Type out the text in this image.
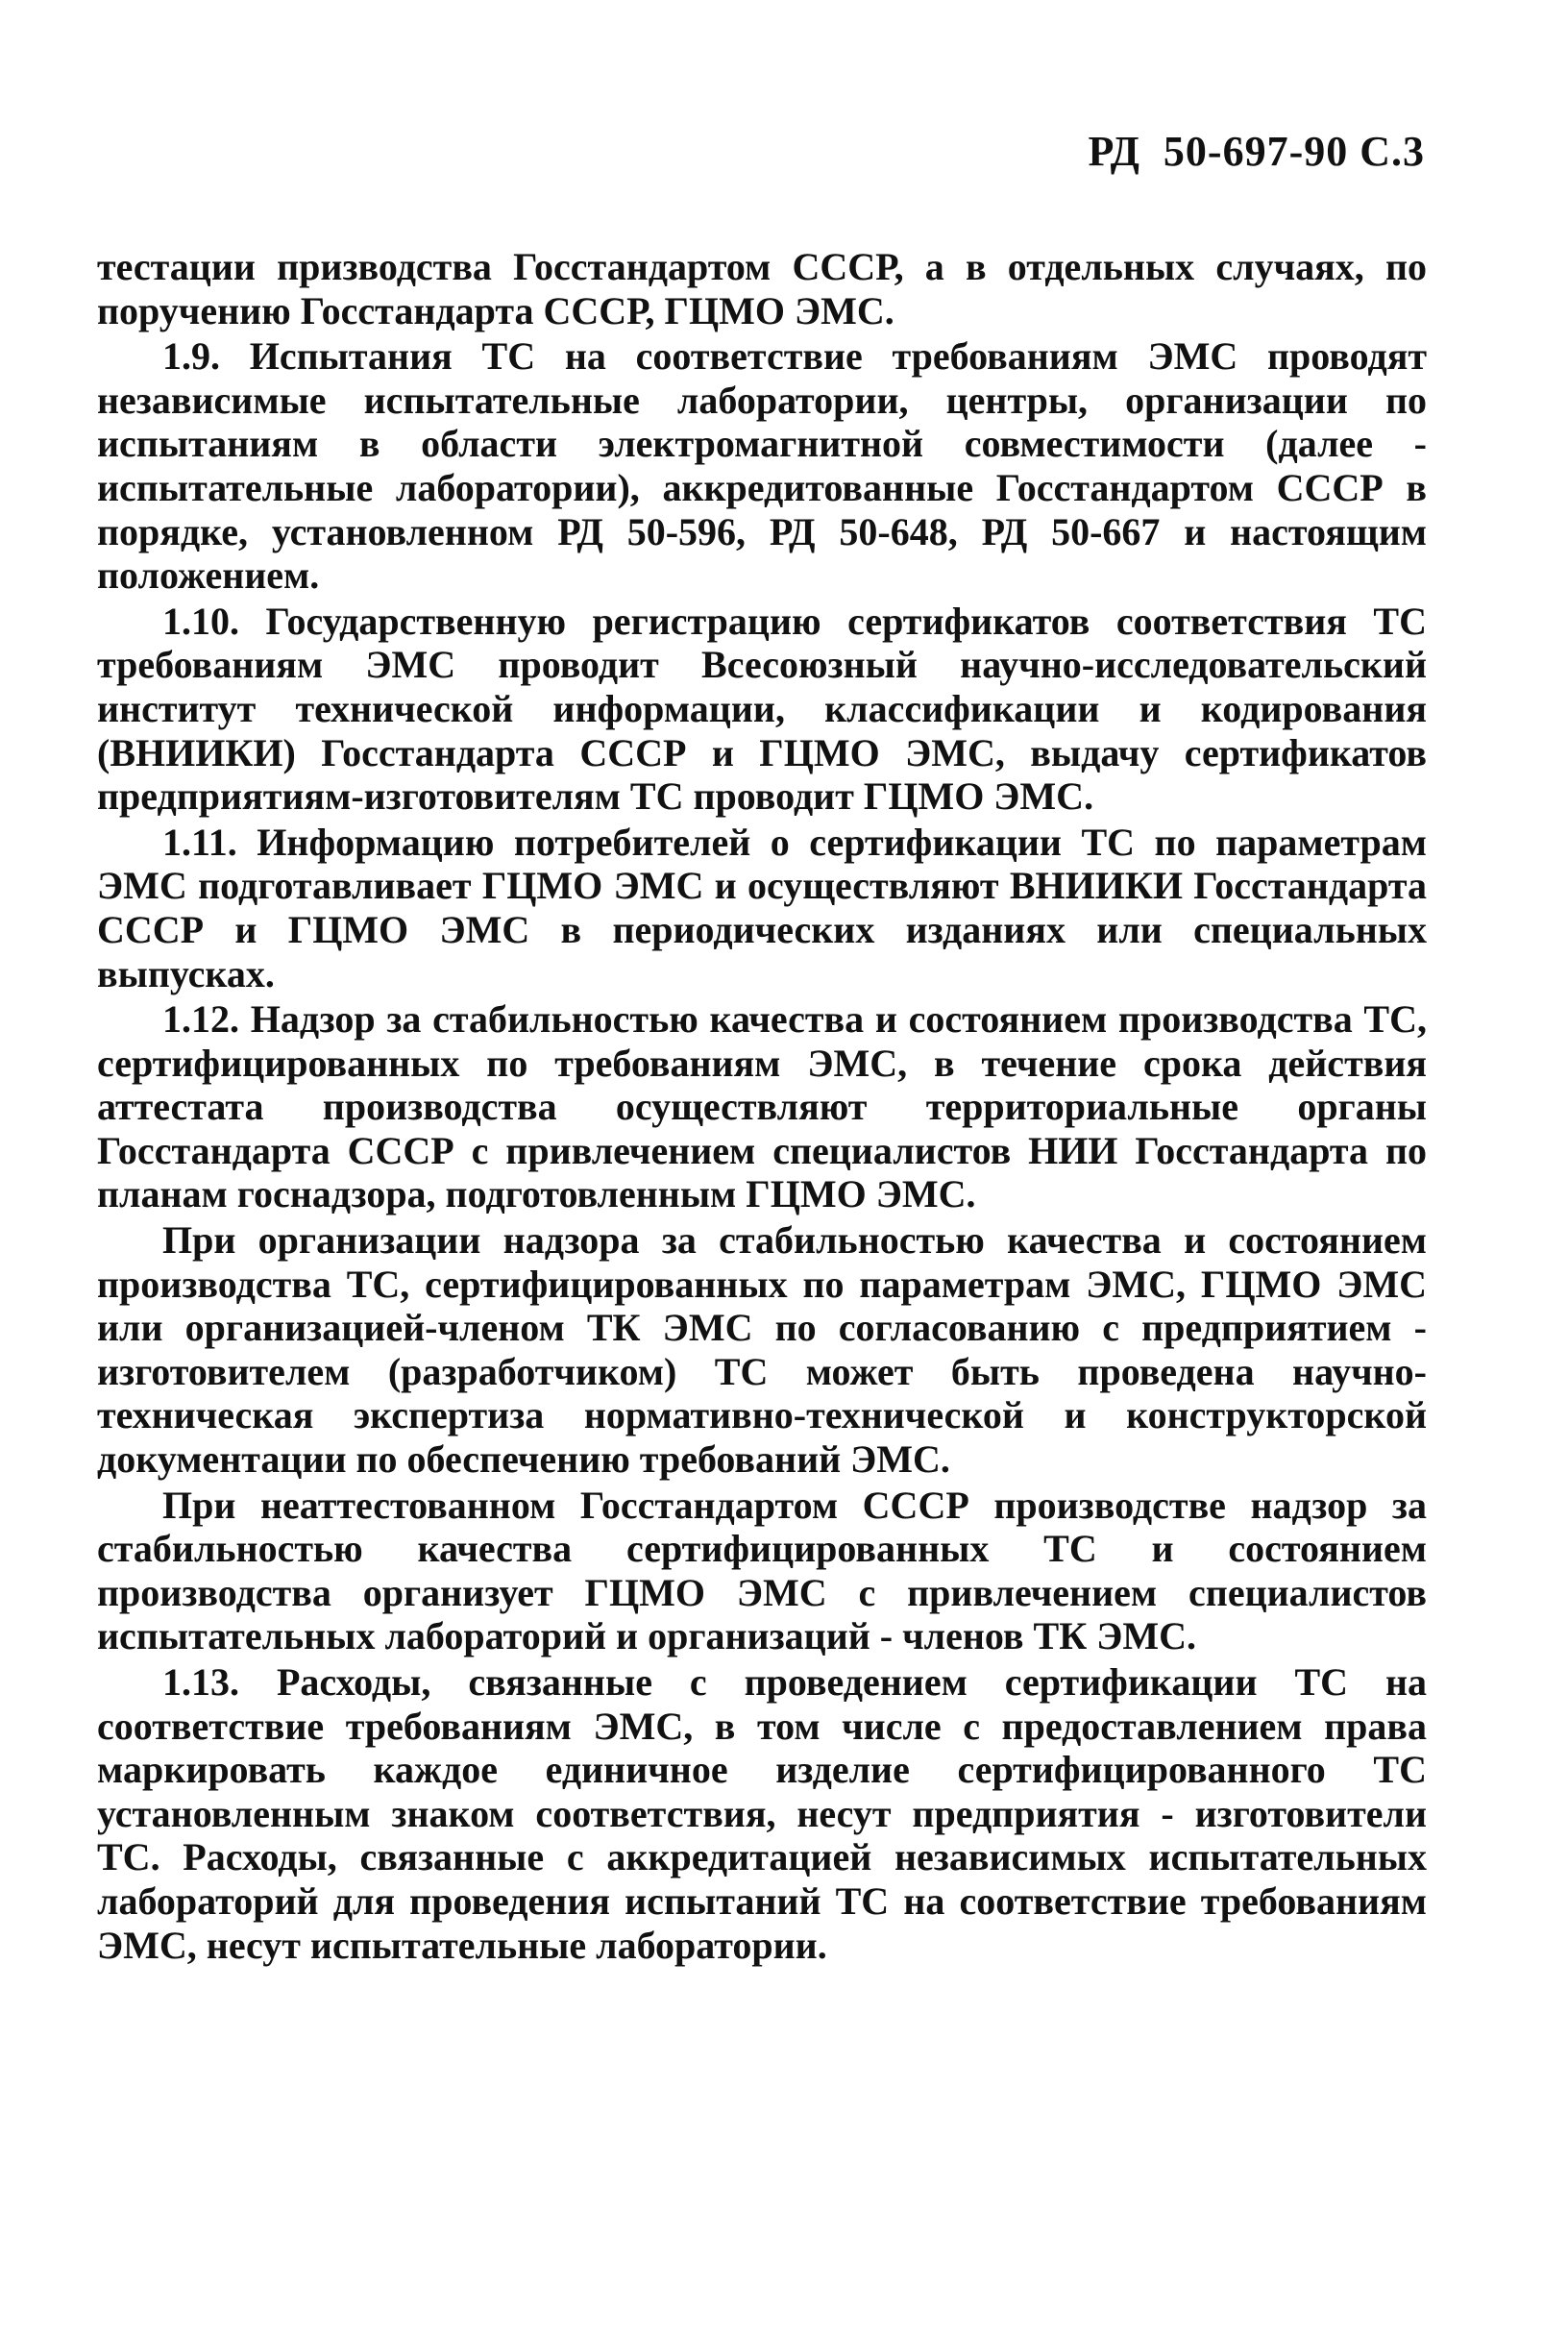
РД  50-697-90 С.3

тестации призводства Госстандартом СССР, а в отдельных случаях, по поручению Госстандарта СССР, ГЦМО ЭМС.

1.9. Испытания ТС на соответствие требованиям ЭМС проводят независимые испытательные лаборатории, центры, организации по испытаниям в области электромагнитной совместимости (далее - испытательные лаборатории), аккредитованные Госстандартом СССР в порядке, установленном РД 50-596, РД 50-648, РД 50-667 и настоящим положением.

1.10. Государственную регистрацию сертификатов соответствия ТС требованиям ЭМС проводит Всесоюзный научно-исследовательский институт технической информации, классификации и кодирования (ВНИИКИ) Госстандарта СССР и ГЦМО ЭМС, выдачу сертификатов предприятиям-изготовителям ТС проводит ГЦМО ЭМС.

1.11. Информацию потребителей о сертификации ТС по параметрам ЭМС подготавливает ГЦМО ЭМС и осуществляют ВНИИКИ Госстандарта СССР и ГЦМО ЭМС в периодических изданиях или специальных выпусках.

1.12. Надзор за стабильностью качества и состоянием производства ТС, сертифицированных по требованиям ЭМС, в течение срока действия аттестата производства осуществляют территориальные органы Госстандарта СССР с привлечением специалистов НИИ Госстандарта по планам госнадзора, подготовленным ГЦМО ЭМС.

При организации надзора за стабильностью качества и состоянием производства ТС, сертифицированных по параметрам ЭМС, ГЦМО ЭМС или организацией-членом ТК ЭМС по согласованию с предприятием - изготовителем (разработчиком) ТС может быть проведена научно-техническая экспертиза нормативно-технической и конструкторской документации по обеспечению требований ЭМС.

При неаттестованном Госстандартом СССР производстве надзор за стабильностью качества сертифицированных ТС и состоянием производства организует ГЦМО ЭМС с привлечением специалистов испытательных лабораторий и организаций - членов ТК ЭМС.

1.13. Расходы, связанные с проведением сертификации ТС на соответствие требованиям ЭМС, в том числе с предоставлением права маркировать каждое единичное изделие сертифицированного ТС установленным знаком соответствия, несут предприятия - изготовители ТС. Расходы, связанные с аккредитацией независимых испытательных лабораторий для проведения испытаний ТС на соответствие требованиям ЭМС, несут испытательные лаборатории.
